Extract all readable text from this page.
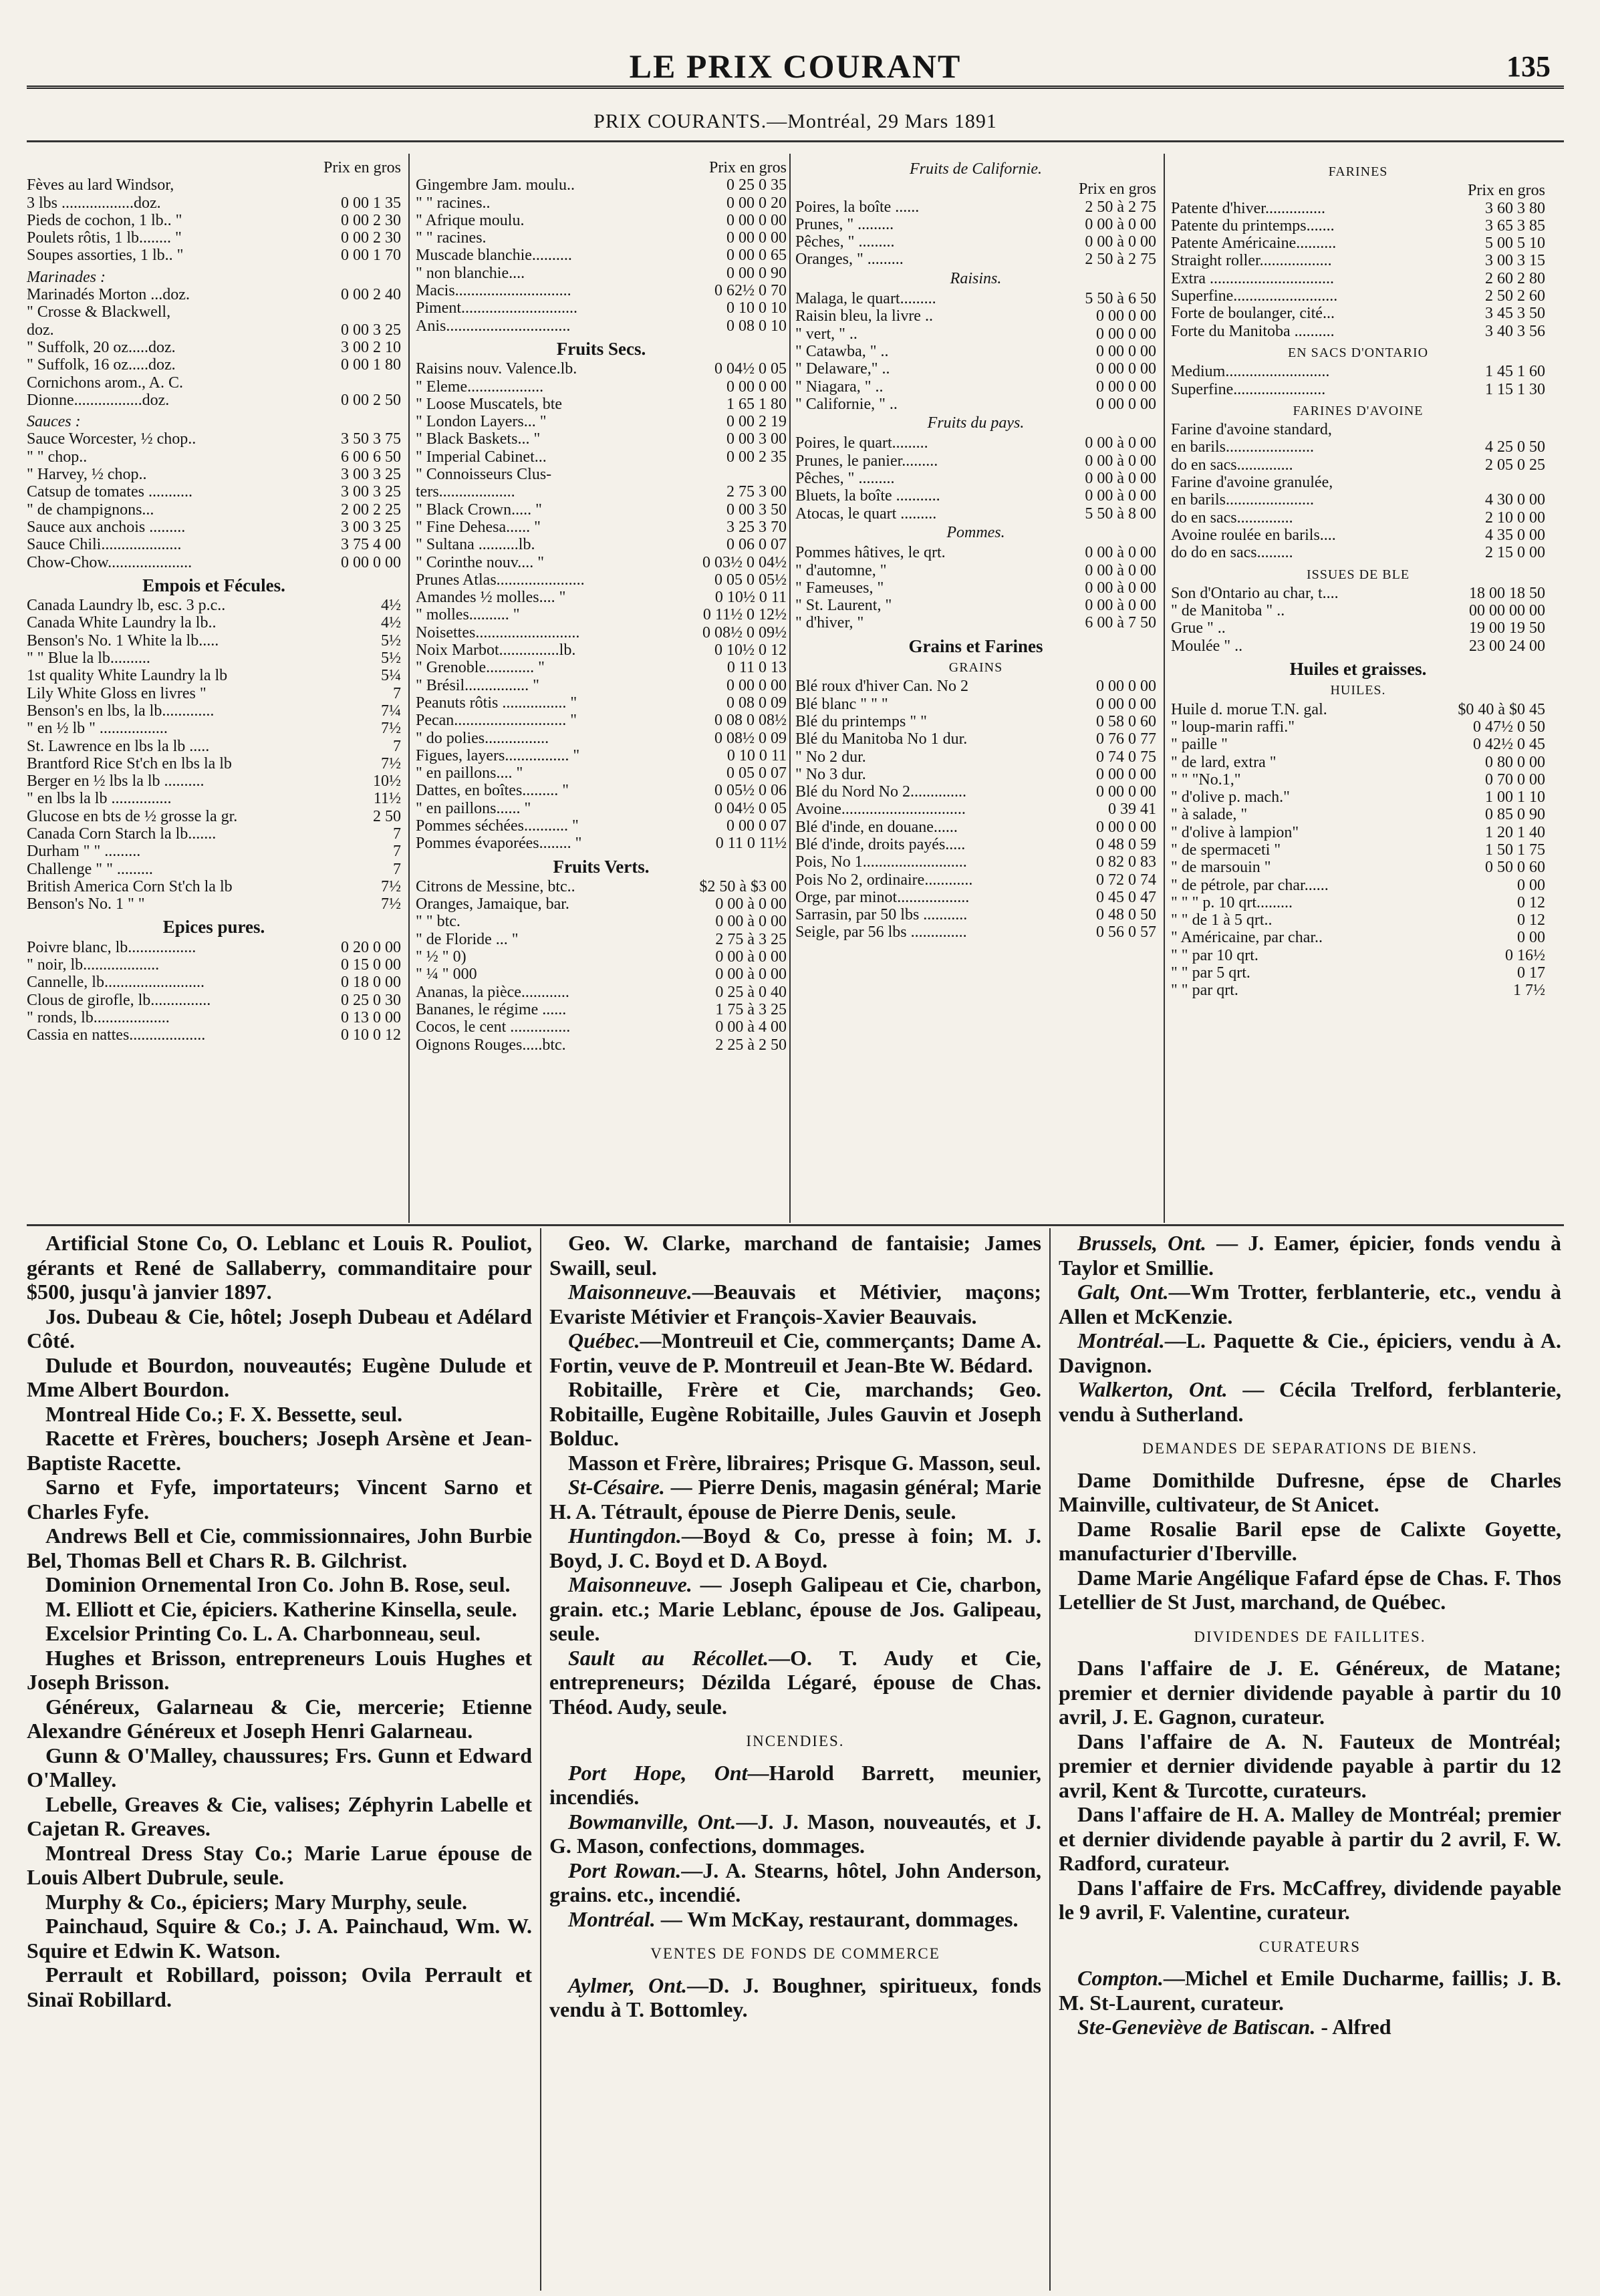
LE PRIX COURANT	135
PRIX COURANTS.—Montréal, 29 Mars 1891
Prix en gros
Fèves au lard Windsor,
3 lbs ..................doz.	0 00 1 35
Pieds de cochon, 1 lb.. "	0 00 2 30
Poulets rôtis, 1 lb........ "	0 00 2 30
Soupes assorties, 1 lb.. "	0 00 1 70
Marinades :
Marinadés Morton ...doz.	0 00 2 40
" Crosse & Blackwell,
doz.	0 00 3 25
" Suffolk, 20 oz.....doz.	3 00 2 10
" Suffolk, 16 oz.....doz.	0 00 1 80
Cornichons arom., A. C.
Dionne.................doz.	0 00 2 50
Sauces :
Sauce Worcester, ½ chop..	3 50 3 75
" " chop..	6 00 6 50
" Harvey, ½ chop..	3 00 3 25
Catsup de tomates ...........	3 00 3 25
" de champignons...	2 00 2 25
Sauce aux anchois .........	3 00 3 25
Sauce Chili....................	3 75 4 00
Chow-Chow.....................	0 00 0 00
Empois et Fécules.
Canada Laundry lb, esc. 3 p.c..	4½
Canada White Laundry la lb..	4½
Benson's No. 1 White la lb.....	5½
" " Blue la lb..........	5½
1st quality White Laundry la lb	5¼
Lily White Gloss en livres "	7
Benson's en lbs, la lb.............	7¼
" en ½ lb " .................	7½
St. Lawrence en lbs la lb .....	7
Brantford Rice St'ch en lbs la lb	7½
Berger en ½ lbs la lb ..........	10½
" en lbs la lb ...............	11½
Glucose en bts de ½ grosse la gr.	2 50
Canada Corn Starch la lb.......	7
Durham " " .........	7
Challenge " " .........	7
British America Corn St'ch la lb	7½
Benson's No. 1 " "	7½
Epices pures.
Poivre blanc, lb.................	0 20 0 00
" noir, lb...................	0 15 0 00
Cannelle, lb.........................	0 18 0 00
Clous de girofle, lb...............	0 25 0 30
" ronds, lb...................	0 13 0 00
Cassia en nattes...................	0 10 0 12
Prix en gros
Gingembre Jam. moulu..	0 25 0 35
" " racines..	0 00 0 20
" Afrique moulu.	0 00 0 00
" " racines.	0 00 0 00
Muscade blanchie..........	0 00 0 65
" non blanchie....	0 00 0 90
Macis.............................	0 62½ 0 70
Piment.............................	0 10 0 10
Anis...............................	0 08 0 10
Fruits Secs.
Raisins nouv. Valence.lb.	0 04½ 0 05
" Eleme...................	0 00 0 00
" Loose Muscatels, bte	1 65 1 80
" London Layers... "	0 00 2 19
" Black Baskets... "	0 00 3 00
" Imperial Cabinet...	0 00 2 35
" Connoisseurs Clus-
ters...................	2 75 3 00
" Black Crown..... "	0 00 3 50
" Fine Dehesa...... "	3 25 3 70
" Sultana ..........lb.	0 06 0 07
" Corinthe nouv.... "	0 03½ 0 04½
Prunes Atlas......................	0 05 0 05½
Amandes ½ molles.... "	0 10½ 0 11
" molles.......... "	0 11½ 0 12½
Noisettes..........................	0 08½ 0 09½
Noix Marbot...............lb.	0 10½ 0 12
" Grenoble............ "	0 11 0 13
" Brésil................ "	0 00 0 00
Peanuts rôtis ................ "	0 08 0 09
Pecan............................ "	0 08 0 08½
" do polies................	0 08½ 0 09
Figues, layers................ "	0 10 0 11
" en paillons.... "	0 05 0 07
Dattes, en boîtes......... "	0 05½ 0 06
" en paillons...... "	0 04½ 0 05
Pommes séchées........... "	0 00 0 07
Pommes évaporées........ "	0 11 0 11½
Fruits Verts.
Citrons de Messine, btc..	$2 50 à $3 00
Oranges, Jamaique, bar.	0 00 à 0 00
" " btc.	0 00 à 0 00
" de Floride ... "	2 75 à 3 25
" ½ " 0)	0 00 à 0 00
" ¼ " 000	0 00 à 0 00
Ananas, la pièce............	0 25 à 0 40
Bananes, le régime ......	1 75 à 3 25
Cocos, le cent ...............	0 00 à 4 00
Oignons Rouges.....btc.	2 25 à 2 50
Fruits de Californie.
Prix en gros
Poires, la boîte ......	2 50 à 2 75
Prunes, " .........	0 00 à 0 00
Pêches, " .........	0 00 à 0 00
Oranges, " .........	2 50 à 2 75
Raisins.
Malaga, le quart.........	5 50 à 6 50
Raisin bleu, la livre ..	0 00 0 00
" vert, " ..	0 00 0 00
" Catawba, " ..	0 00 0 00
" Delaware," ..	0 00 0 00
" Niagara, " ..	0 00 0 00
" Californie, " ..	0 00 0 00
Fruits du pays.
Poires, le quart.........	0 00 à 0 00
Prunes, le panier.........	0 00 à 0 00
Pêches, " .........	0 00 à 0 00
Bluets, la boîte ...........	0 00 à 0 00
Atocas, le quart .........	5 50 à 8 00
Pommes.
Pommes hâtives, le qrt.	0 00 à 0 00
" d'automne, "	0 00 à 0 00
" Fameuses, "	0 00 à 0 00
" St. Laurent, "	0 00 à 0 00
" d'hiver, "	6 00 à 7 50
Grains et Farines
GRAINS
Blé roux d'hiver Can. No 2	0 00 0 00
Blé blanc " " "	0 00 0 00
Blé du printemps " "	0 58 0 60
Blé du Manitoba No 1 dur.	0 76 0 77
" No 2 dur.	0 74 0 75
" No 3 dur.	0 00 0 00
Blé du Nord No 2..............	0 00 0 00
Avoine...............................	0 39 41
Blé d'inde, en douane......	0 00 0 00
Blé d'inde, droits payés.....	0 48 0 59
Pois, No 1..........................	0 82 0 83
Pois No 2, ordinaire............	0 72 0 74
Orge, par minot..................	0 45 0 47
Sarrasin, par 50 lbs ...........	0 48 0 50
Seigle, par 56 lbs ..............	0 56 0 57
FARINES
Prix en gros
Patente d'hiver...............	3 60 3 80
Patente du printemps.......	3 65 3 85
Patente Américaine..........	5 00 5 10
Straight roller..................	3 00 3 15
Extra ...............................	2 60 2 80
Superfine..........................	2 50 2 60
Forte de boulanger, cité...	3 45 3 50
Forte du Manitoba ..........	3 40 3 56
EN SACS D'ONTARIO
Medium..........................	1 45 1 60
Superfine.......................	1 15 1 30
FARINES D'AVOINE
Farine d'avoine standard,
en barils......................	4 25 0 50
do en sacs..............	2 05 0 25
Farine d'avoine granulée,
en barils......................	4 30 0 00
do en sacs..............	2 10 0 00
Avoine roulée en barils....	4 35 0 00
do do en sacs.........	2 15 0 00
ISSUES DE BLE
Son d'Ontario au char, t....	18 00 18 50
" de Manitoba " ..	00 00 00 00
Grue " ..	19 00 19 50
Moulée " ..	23 00 24 00
Huiles et graisses.
HUILES.
Huile d. morue T.N. gal.	$0 40 à $0 45
" loup-marin raffi."	0 47½ 0 50
" paille "	0 42½ 0 45
" de lard, extra "	0 80 0 00
" " "No.1,"	0 70 0 00
" d'olive p. mach."	1 00 1 10
" à salade, "	0 85 0 90
" d'olive à lampion"	1 20 1 40
" de spermaceti "	1 50 1 75
" de marsouin "	0 50 0 60
" de pétrole, par char......	0 00
" " " p. 10 qrt.........	0 12
" " de 1 à 5 qrt..	0 12
" Américaine, par char..	0 00
" " par 10 qrt.	0 16½
" " par 5 qrt.	0 17
" " par qrt.	1 7½

Artificial Stone Co, O. Leblanc et Louis R. Pouliot, gérants et René de Sallaberry, commanditaire pour $500, jusqu'à janvier 1897.

Jos. Dubeau & Cie, hôtel; Joseph Dubeau et Adélard Côté.

Dulude et Bourdon, nouveautés; Eugène Dulude et Mme Albert Bourdon.

Montreal Hide Co.; F. X. Bessette, seul.

Racette et Frères, bouchers; Joseph Arsène et Jean-Baptiste Racette.

Sarno et Fyfe, importateurs; Vincent Sarno et Charles Fyfe.

Andrews Bell et Cie, commissionnaires, John Burbie Bel, Thomas Bell et Chars R. B. Gilchrist.

Dominion Ornemental Iron Co. John B. Rose, seul.

M. Elliott et Cie, épiciers. Katherine Kinsella, seule.

Excelsior Printing Co. L. A. Charbonneau, seul.

Hughes et Brisson, entrepreneurs Louis Hughes et Joseph Brisson.

Généreux, Galarneau & Cie, mercerie; Etienne Alexandre Généreux et Joseph Henri Galarneau.

Gunn & O'Malley, chaussures; Frs. Gunn et Edward O'Malley.

Lebelle, Greaves & Cie, valises; Zéphyrin Labelle et Cajetan R. Greaves.

Montreal Dress Stay Co.; Marie Larue épouse de Louis Albert Dubrule, seule.

Murphy & Co., épiciers; Mary Murphy, seule.

Painchaud, Squire & Co.; J. A. Painchaud, Wm. W. Squire et Edwin K. Watson.

Perrault et Robillard, poisson; Ovila Perrault et Sinaï Robillard.

Geo. W. Clarke, marchand de fantaisie; James Swaill, seul.

Maisonneuve.—Beauvais et Métivier, maçons; Evariste Métivier et François-Xavier Beauvais.

Québec.—Montreuil et Cie, commerçants; Dame A. Fortin, veuve de P. Montreuil et Jean-Bte W. Bédard.

Robitaille, Frère et Cie, marchands; Geo. Robitaille, Eugène Robitaille, Jules Gauvin et Joseph Bolduc.

Masson et Frère, libraires; Prisque G. Masson, seul.

St-Césaire. — Pierre Denis, magasin général; Marie H. A. Tétrault, épouse de Pierre Denis, seule.

Huntingdon.—Boyd & Co, presse à foin; M. J. Boyd, J. C. Boyd et D. A Boyd.

Maisonneuve. — Joseph Galipeau et Cie, charbon, grain. etc.; Marie Leblanc, épouse de Jos. Galipeau, seule.

Sault au Récollet.—O. T. Audy et Cie, entrepreneurs; Dézilda Légaré, épouse de Chas. Théod. Audy, seule.

INCENDIES.

Port Hope, Ont—Harold Barrett, meunier, incendiés.

Bowmanville, Ont.—J. J. Mason, nouveautés, et J. G. Mason, confections, dommages.

Port Rowan.—J. A. Stearns, hôtel, John Anderson, grains. etc., incendié.

Montréal. — Wm McKay, restaurant, dommages.

VENTES DE FONDS DE COMMERCE

Aylmer, Ont.—D. J. Boughner, spiritueux, fonds vendu à T. Bottomley.

Brussels, Ont. — J. Eamer, épicier, fonds vendu à Taylor et Smillie.

Galt, Ont.—Wm Trotter, ferblanterie, etc., vendu à Allen et McKenzie.

Montréal.—L. Paquette & Cie., épiciers, vendu à A. Davignon.

Walkerton, Ont. — Cécila Trelford, ferblanterie, vendu à Sutherland.

DEMANDES DE SEPARATIONS DE BIENS.

Dame Domithilde Dufresne, épse de Charles Mainville, cultivateur, de St Anicet.

Dame Rosalie Baril epse de Calixte Goyette, manufacturier d'Iberville.

Dame Marie Angélique Fafard épse de Chas. F. Thos Letellier de St Just, marchand, de Québec.

DIVIDENDES DE FAILLITES.

Dans l'affaire de J. E. Généreux, de Matane; premier et dernier dividende payable à partir du 10 avril, J. E. Gagnon, curateur.

Dans l'affaire de A. N. Fauteux de Montréal; premier et dernier dividende payable à partir du 12 avril, Kent & Turcotte, curateurs.

Dans l'affaire de H. A. Malley de Montréal; premier et dernier dividende payable à partir du 2 avril, F. W. Radford, curateur.

Dans l'affaire de Frs. McCaffrey, dividende payable le 9 avril, F. Valentine, curateur.

CURATEURS

Compton.—Michel et Emile Ducharme, faillis; J. B. M. St-Laurent, curateur.

Ste-Geneviève de Batiscan. - Alfred
